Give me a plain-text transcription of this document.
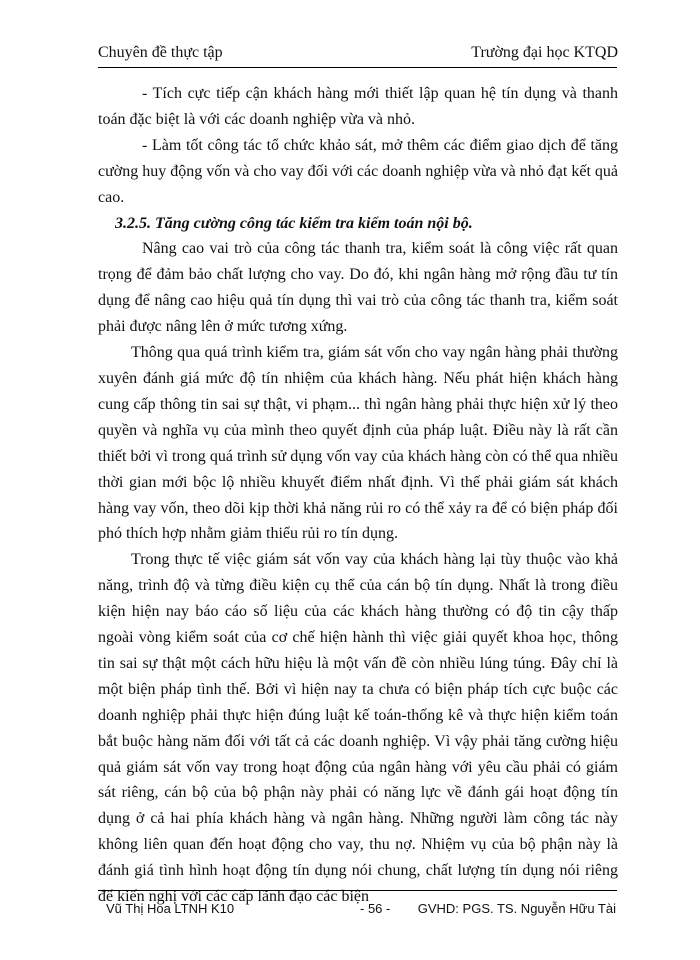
Chuyên đề thực tập	Trường đại học KTQD

- Tích cực tiếp cận khách hàng mới thiết lập quan hệ tín dụng và thanh toán đặc biệt là với các doanh nghiệp vừa và nhỏ.

- Làm tốt công tác tổ chức khảo sát, mở thêm các điểm giao dịch để tăng cường huy động vốn và cho vay đối với các doanh nghiệp vừa và nhỏ đạt kết quả cao.

3.2.5. Tăng cường công tác kiểm tra kiểm toán nội bộ.

Nâng cao vai trò của công tác thanh tra, kiểm soát là công việc rất quan trọng để đảm bảo chất lượng cho vay. Do đó, khi ngân hàng mở rộng đầu tư tín dụng để nâng cao hiệu quả tín dụng thì vai trò của công tác thanh tra, kiểm soát phải được nâng lên ở mức tương xứng.

Thông qua quá trình kiểm tra, giám sát vốn cho vay ngân hàng phải thường xuyên đánh giá mức độ tín nhiệm của khách hàng. Nếu phát hiện khách hàng cung cấp thông tin sai sự thật, vi phạm... thì ngân hàng phải thực hiện xử lý theo quyền và nghĩa vụ của mình theo quyết định của pháp luật. Điều này là rất cần thiết bởi vì trong quá trình sử dụng vốn vay của khách hàng còn có thể qua nhiều thời gian mới bộc lộ nhiều khuyết điểm nhất định. Vì thế phải giám sát khách hàng vay vốn, theo dõi kịp thời khả năng rủi ro có thể xảy ra để có biện pháp đối phó thích hợp nhằm giảm thiểu rủi ro tín dụng.

Trong thực tế việc giám sát vốn vay của khách hàng lại tùy thuộc vào khả năng, trình độ và từng điều kiện cụ thể của cán bộ tín dụng. Nhất là trong điều kiện hiện nay báo cáo số liệu của các khách hàng thường có độ tin cậy thấp ngoài vòng kiểm soát của cơ chế hiện hành thì việc giải quyết khoa học, thông tin sai sự thật một cách hữu hiệu là một vấn đề còn nhiều lúng túng. Đây chỉ là một biện pháp tình thế. Bởi vì hiện nay ta chưa có biện pháp tích cực buộc các doanh nghiệp phải thực hiện đúng luật kế toán-thống kê và thực hiện kiểm toán bắt buộc hàng năm đối với tất cả các doanh nghiệp. Vì vậy phải tăng cường hiệu quả giám sát vốn vay trong hoạt động của ngân hàng với yêu cầu phải có giám sát riêng, cán bộ của bộ phận này phải có năng lực về đánh gái hoạt động tín dụng ở cả hai phía khách hàng và ngân hàng. Những người làm công tác này không liên quan đến hoạt động cho vay, thu nợ. Nhiệm vụ của bộ phận này là đánh giá tình hình hoạt động tín dụng nói chung, chất lượng tín dụng nói riêng để kiến nghị với các cấp lãnh đạo các biện

Vũ Thị Hoa LTNH K10	- 56 - GVHD: PGS. TS. Nguyễn Hữu Tài
